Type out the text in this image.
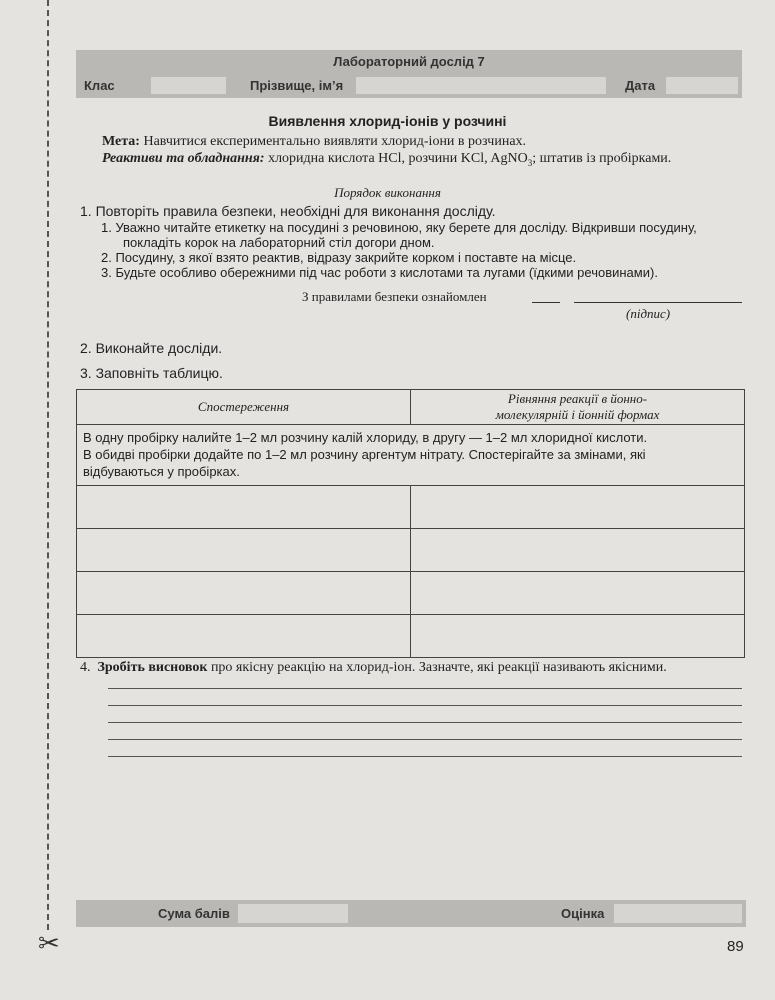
✂
Лабораторний дослід 7
Клас	Прізвище, ім’я	Дата
Виявлення хлорид-іонів у розчині
Мета: Навчитися експериментально виявляти хлорид-іони в розчинах.
Реактиви та обладнання: хлоридна кислота HCl, розчини KCl, AgNO$_3$; штатив із пробірками.
Порядок виконання
1. Повторіть правила безпеки, необхідні для виконання досліду.
1. Уважно читайте етикетку на посудині з речовиною, яку берете для досліду. Відкривши посудину,
покладіть корок на лабораторний стіл догори дном.
2. Посудину, з якої взято реактив, відразу закрийте корком і поставте на місце.
3. Будьте особливо обережними під час роботи з кислотами та лугами (їдкими речовинами).
З правилами безпеки ознайомлен
(підпис)
2. Виконайте досліди.
3. Заповніть таблицю.
Спостереження	Рівняння реакції в йонно-
молекулярній і йонній формах
В одну пробірку налийте 1–2 мл розчину калій хлориду, в другу — 1–2 мл хлоридної кислоти.
В обидві пробірки додайте по 1–2 мл розчину аргентум нітрату. Спостерігайте за змінами, які
відбуваються у пробірках.	

4. Зробіть висновок про якісну реакцію на хлорид-іон. Зазначте, які реакції називають якісними.
Сума балів	Оцінка
89
